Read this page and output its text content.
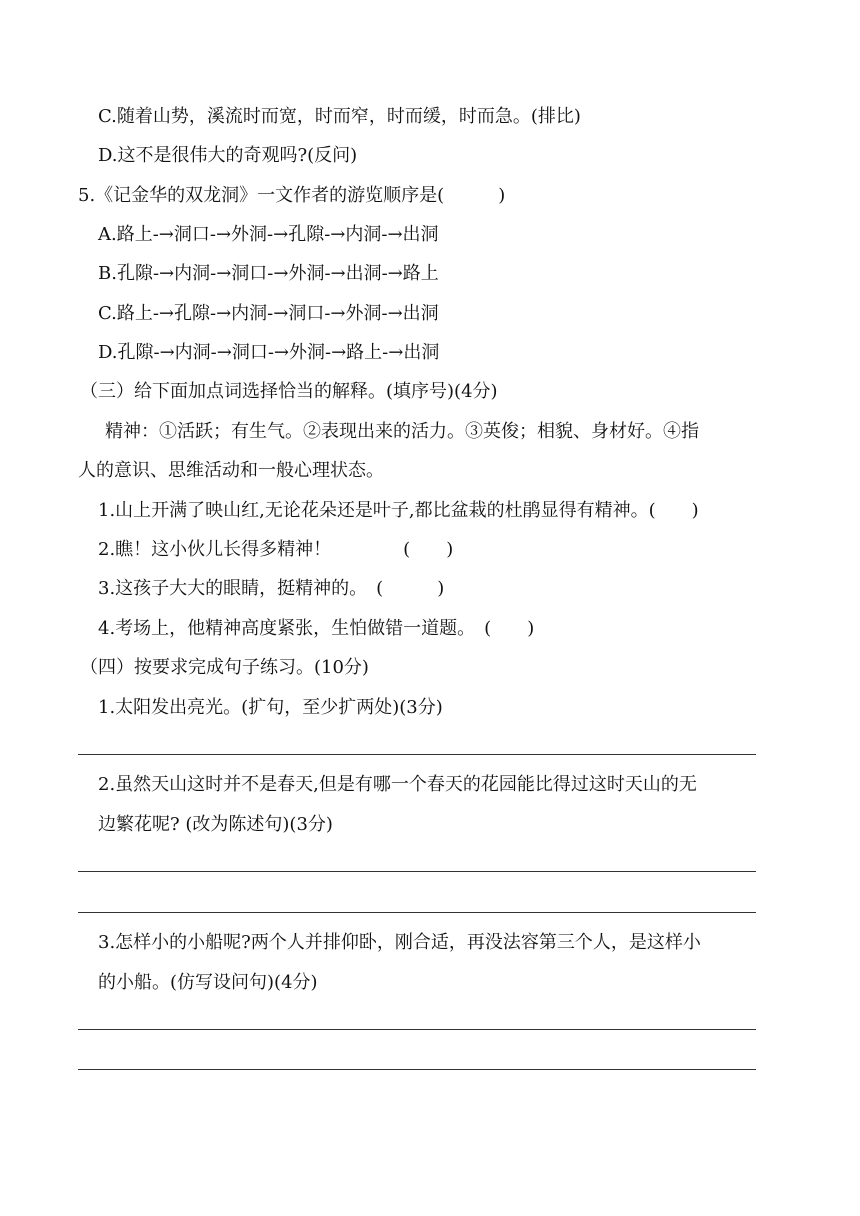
C.随着山势，溪流时而宽，时而窄，时而缓，时而急。(排比)
D.这不是很伟大的奇观吗?(反问)
5.《记金华的双龙洞》一文作者的游览顺序是(　　　)
A.路上-→洞口-→外洞-→孔隙-→内洞-→出洞
B.孔隙-→内洞-→洞口-→外洞-→出洞-→路上
C.路上-→孔隙-→内洞-→洞口-→外洞-→出洞
D.孔隙-→内洞-→洞口-→外洞-→路上-→出洞
（三）给下面加点词选择恰当的解释。(填序号)(4分)
精神：①活跃；有生气。②表现出来的活力。③英俊；相貌、身材好。④指
人的意识、思维活动和一般心理状态。
1.山上开满了映山红,无论花朵还是叶子,都比盆栽的杜鹃显得有精神。(　　)
2.瞧！这小伙儿长得多精神！　　　　(　　)
3.这孩子大大的眼睛，挺精神的。　(　　　)
4.考场上，他精神高度紧张，生怕做错一道题。　(　　)
（四）按要求完成句子练习。(10分)
1.太阳发出亮光。(扩句，至少扩两处)(3分)
2.虽然天山这时并不是春天,但是有哪一个春天的花园能比得过这时天山的无
边繁花呢? (改为陈述句)(3分)
3.怎样小的小船呢?两个人并排仰卧，刚合适，再没法容第三个人，是这样小
的小船。(仿写设问句)(4分)
